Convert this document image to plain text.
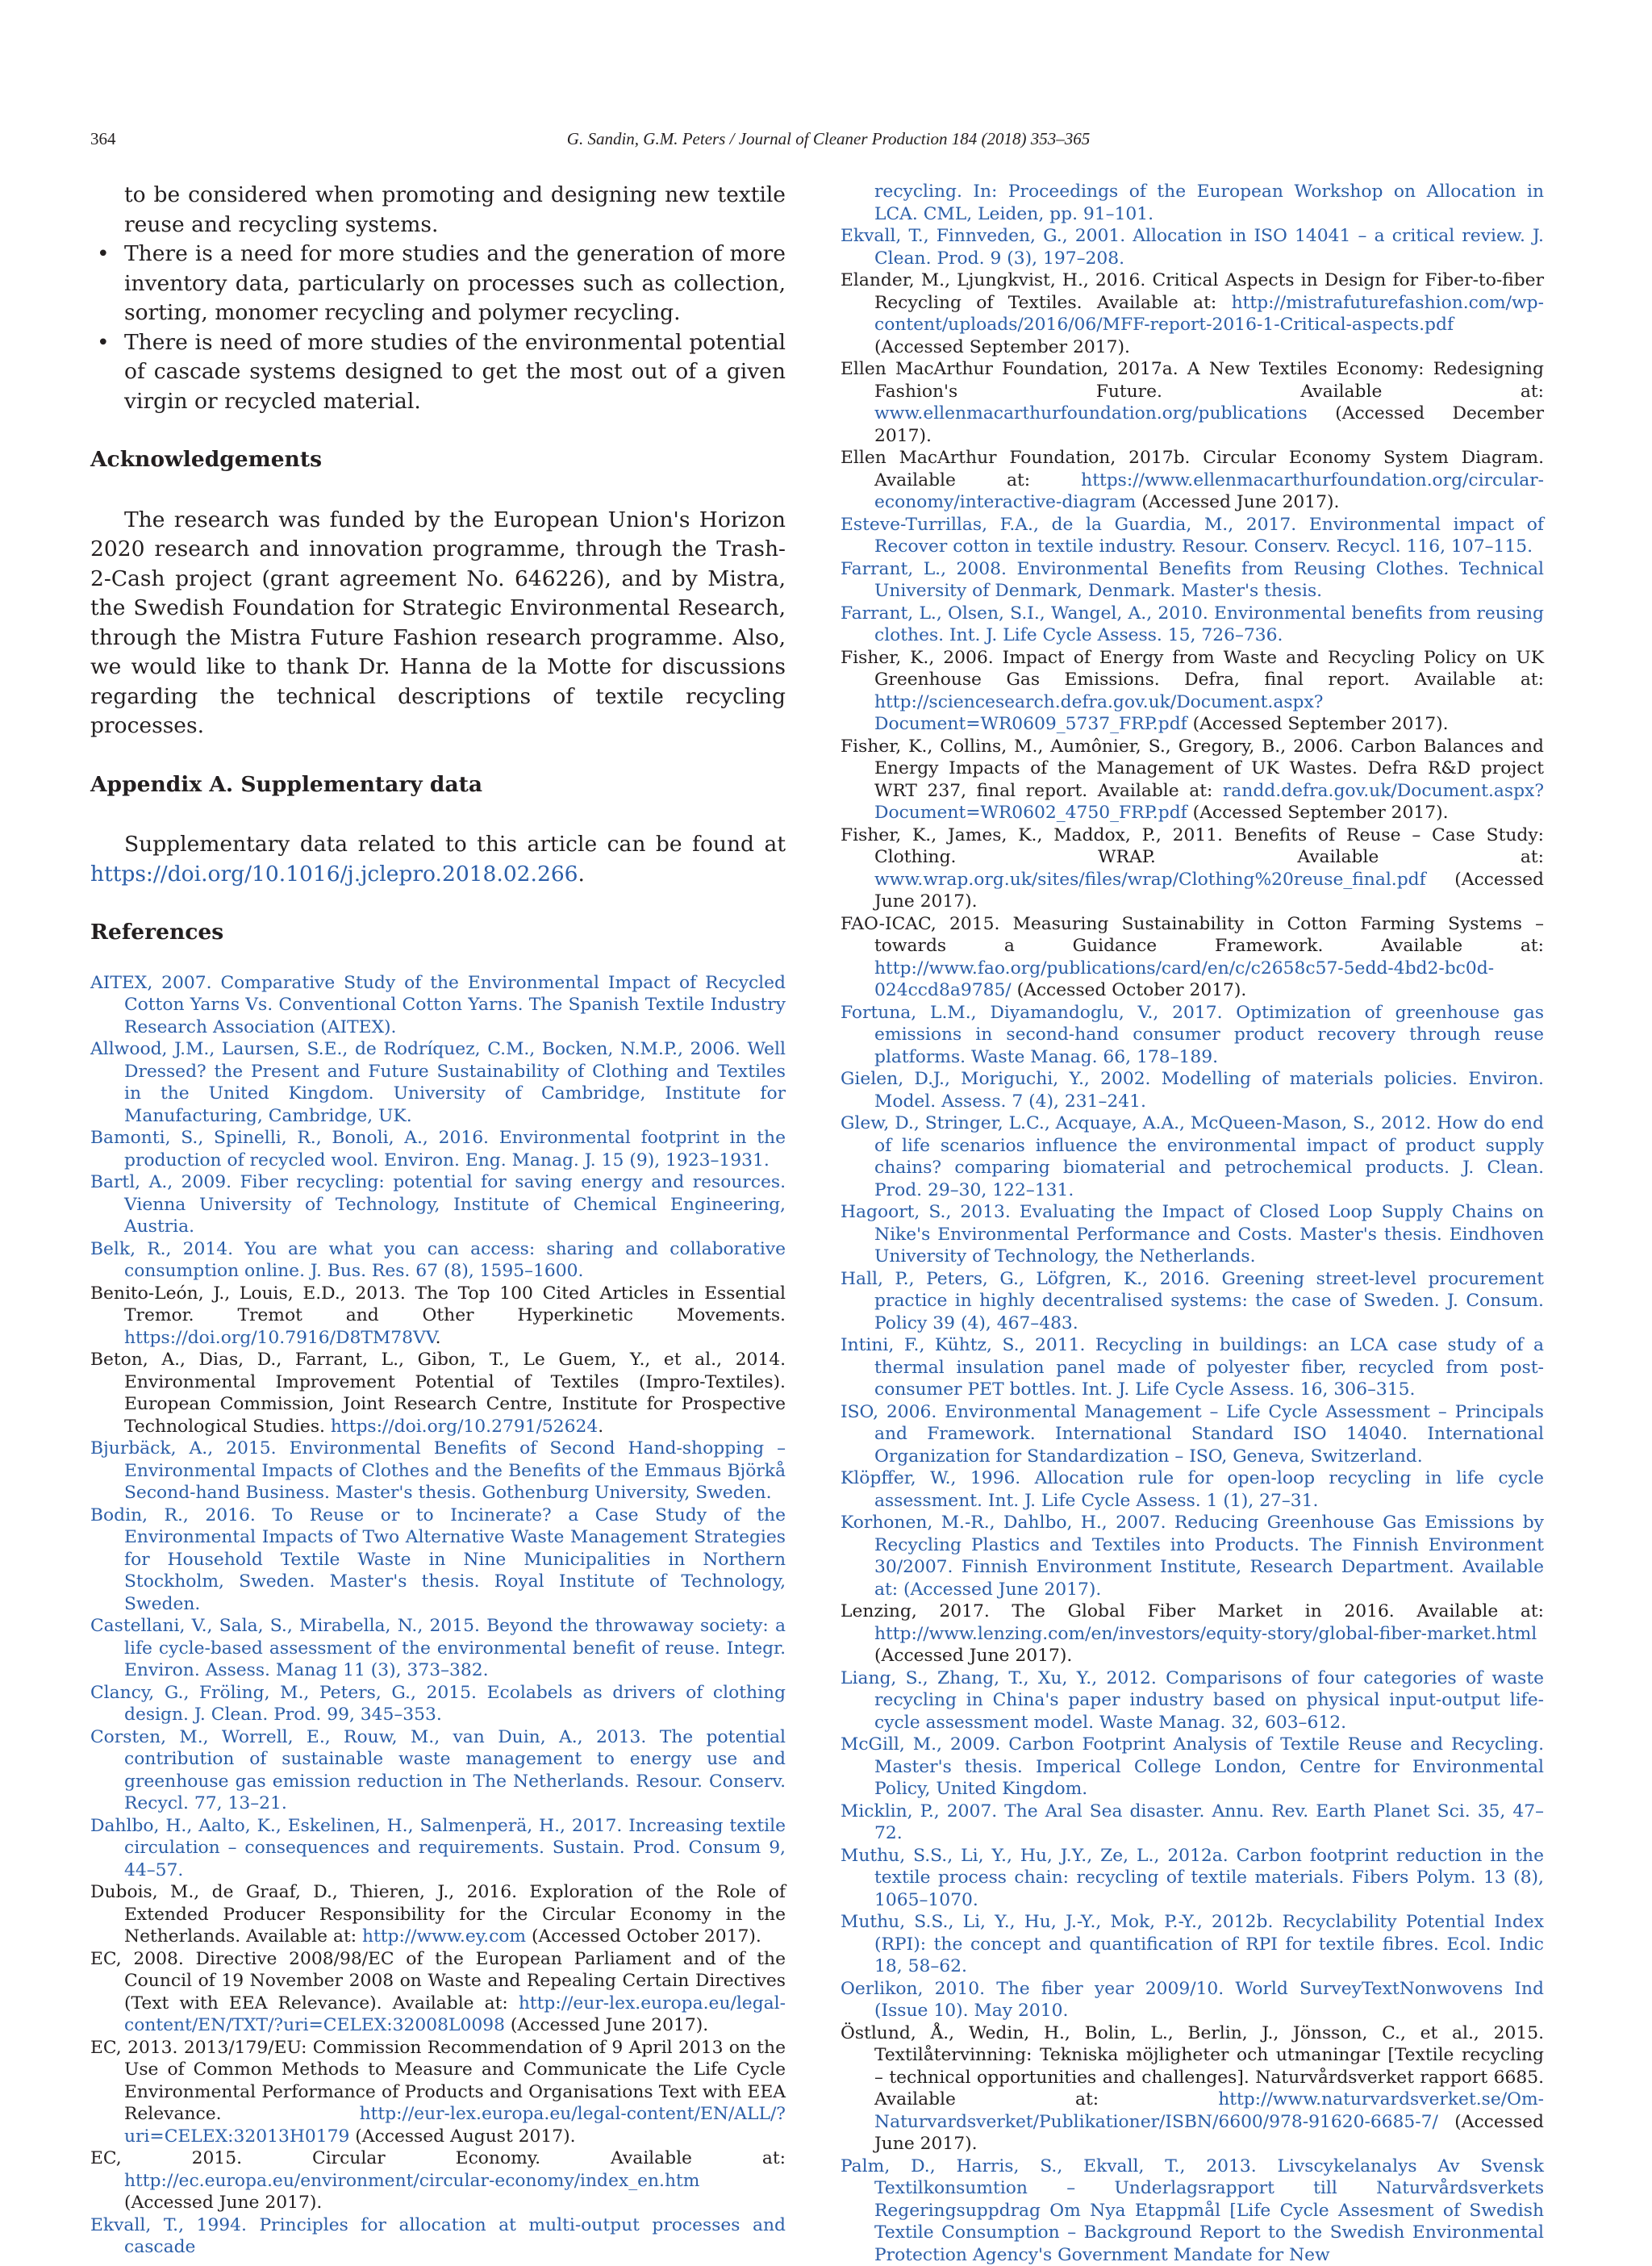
364	G. Sandin, G.M. Peters / Journal of Cleaner Production 184 (2018) 353–365

to be considered when promoting and designing new textile reuse and recycling systems.

• There is a need for more studies and the generation of more inventory data, particularly on processes such as collection, sorting, monomer recycling and polymer recycling.
• There is need of more studies of the environmental potential of cascade systems designed to get the most out of a given virgin or recycled material.
Acknowledgements

The research was funded by the European Union's Horizon 2020 research and innovation programme, through the Trash-2-Cash project (grant agreement No. 646226), and by Mistra, the Swedish Foundation for Strategic Environmental Research, through the Mistra Future Fashion research programme. Also, we would like to thank Dr. Hanna de la Motte for discussions regarding the technical descriptions of textile recycling processes.

Appendix A. Supplementary data

Supplementary data related to this article can be found at https://doi.org/10.1016/j.jclepro.2018.02.266.

References
AITEX, 2007. Comparative Study of the Environmental Impact of Recycled Cotton Yarns Vs. Conventional Cotton Yarns. The Spanish Textile Industry Research Association (AITEX).
Allwood, J.M., Laursen, S.E., de Rodríquez, C.M., Bocken, N.M.P., 2006. Well Dressed? the Present and Future Sustainability of Clothing and Textiles in the United Kingdom. University of Cambridge, Institute for Manufacturing, Cambridge, UK.
Bamonti, S., Spinelli, R., Bonoli, A., 2016. Environmental footprint in the production of recycled wool. Environ. Eng. Manag. J. 15 (9), 1923–1931.
Bartl, A., 2009. Fiber recycling: potential for saving energy and resources. Vienna University of Technology, Institute of Chemical Engineering, Austria.
Belk, R., 2014. You are what you can access: sharing and collaborative consumption online. J. Bus. Res. 67 (8), 1595–1600.
Benito-León, J., Louis, E.D., 2013. The Top 100 Cited Articles in Essential Tremor. Tremot and Other Hyperkinetic Movements. https://doi.org/10.7916/D8TM78VV.
Beton, A., Dias, D., Farrant, L., Gibon, T., Le Guem, Y., et al., 2014. Environmental Improvement Potential of Textiles (Impro-Textiles). European Commission, Joint Research Centre, Institute for Prospective Technological Studies. https://doi.org/10.2791/52624.
Bjurbäck, A., 2015. Environmental Benefits of Second Hand-shopping – Environmental Impacts of Clothes and the Benefits of the Emmaus Björkå Second-hand Business. Master's thesis. Gothenburg University, Sweden.
Bodin, R., 2016. To Reuse or to Incinerate? a Case Study of the Environmental Impacts of Two Alternative Waste Management Strategies for Household Textile Waste in Nine Municipalities in Northern Stockholm, Sweden. Master's thesis. Royal Institute of Technology, Sweden.
Castellani, V., Sala, S., Mirabella, N., 2015. Beyond the throwaway society: a life cycle-based assessment of the environmental benefit of reuse. Integr. Environ. Assess. Manag 11 (3), 373–382.
Clancy, G., Fröling, M., Peters, G., 2015. Ecolabels as drivers of clothing design. J. Clean. Prod. 99, 345–353.
Corsten, M., Worrell, E., Rouw, M., van Duin, A., 2013. The potential contribution of sustainable waste management to energy use and greenhouse gas emission reduction in The Netherlands. Resour. Conserv. Recycl. 77, 13–21.
Dahlbo, H., Aalto, K., Eskelinen, H., Salmenperä, H., 2017. Increasing textile circulation – consequences and requirements. Sustain. Prod. Consum 9, 44–57.
Dubois, M., de Graaf, D., Thieren, J., 2016. Exploration of the Role of Extended Producer Responsibility for the Circular Economy in the Netherlands. Available at: http://www.ey.com (Accessed October 2017).
EC, 2008. Directive 2008/98/EC of the European Parliament and of the Council of 19 November 2008 on Waste and Repealing Certain Directives (Text with EEA Relevance). Available at: http://eur-lex.europa.eu/legal-content/EN/TXT/?uri=CELEX:32008L0098 (Accessed June 2017).
EC, 2013. 2013/179/EU: Commission Recommendation of 9 April 2013 on the Use of Common Methods to Measure and Communicate the Life Cycle Environmental Performance of Products and Organisations Text with EEA Relevance.	http://eur-lex.europa.eu/legal-content/EN/ALL/?uri=CELEX:32013H0179 (Accessed August 2017).
EC, 2015. Circular Economy. Available at: http://ec.europa.eu/environment/circular-economy/index_en.htm (Accessed June 2017).
Ekvall, T., 1994. Principles for allocation at multi-output processes and cascade
recycling. In: Proceedings of the European Workshop on Allocation in LCA. CML, Leiden, pp. 91–101.
Ekvall, T., Finnveden, G., 2001. Allocation in ISO 14041 – a critical review. J. Clean. Prod. 9 (3), 197–208.
Elander, M., Ljungkvist, H., 2016. Critical Aspects in Design for Fiber-to-fiber Recycling of Textiles. Available at: http://mistrafuturefashion.com/wp-content/uploads/2016/06/MFF-report-2016-1-Critical-aspects.pdf (Accessed September 2017).
Ellen MacArthur Foundation, 2017a. A New Textiles Economy: Redesigning Fashion's Future. Available at: www.ellenmacarthurfoundation.org/publications (Accessed December 2017).
Ellen MacArthur Foundation, 2017b. Circular Economy System Diagram. Available at:	https://www.ellenmacarthurfoundation.org/circular-economy/interactive-diagram (Accessed June 2017).
Esteve-Turrillas, F.A., de la Guardia, M., 2017. Environmental impact of Recover cotton in textile industry. Resour. Conserv. Recycl. 116, 107–115.
Farrant, L., 2008. Environmental Benefits from Reusing Clothes. Technical University of Denmark, Denmark. Master's thesis.
Farrant, L., Olsen, S.I., Wangel, A., 2010. Environmental benefits from reusing clothes. Int. J. Life Cycle Assess. 15, 726–736.
Fisher, K., 2006. Impact of Energy from Waste and Recycling Policy on UK Greenhouse Gas Emissions. Defra, final report. Available at: http://sciencesearch.defra.gov.uk/Document.aspx?Document=WR0609_5737_FRP.pdf (Accessed September 2017).
Fisher, K., Collins, M., Aumônier, S., Gregory, B., 2006. Carbon Balances and Energy Impacts of the Management of UK Wastes. Defra R&D project WRT 237, final report. Available at: randd.defra.gov.uk/Document.aspx?Document=WR0602_4750_FRP.pdf (Accessed September 2017).
Fisher, K., James, K., Maddox, P., 2011. Benefits of Reuse – Case Study: Clothing. WRAP. Available at: www.wrap.org.uk/sites/files/wrap/Clothing%20reuse_final.pdf (Accessed June 2017).
FAO-ICAC, 2015. Measuring Sustainability in Cotton Farming Systems – towards a Guidance Framework. Available at: http://www.fao.org/publications/card/en/c/c2658c57-5edd-4bd2-bc0d-024ccd8a9785/ (Accessed October 2017).
Fortuna, L.M., Diyamandoglu, V., 2017. Optimization of greenhouse gas emissions in second-hand consumer product recovery through reuse platforms. Waste Manag. 66, 178–189.
Gielen, D.J., Moriguchi, Y., 2002. Modelling of materials policies. Environ. Model. Assess. 7 (4), 231–241.
Glew, D., Stringer, L.C., Acquaye, A.A., McQueen-Mason, S., 2012. How do end of life scenarios influence the environmental impact of product supply chains? comparing biomaterial and petrochemical products. J. Clean. Prod. 29–30, 122–131.
Hagoort, S., 2013. Evaluating the Impact of Closed Loop Supply Chains on Nike's Environmental Performance and Costs. Master's thesis. Eindhoven University of Technology, the Netherlands.
Hall, P., Peters, G., Löfgren, K., 2016. Greening street-level procurement practice in highly decentralised systems: the case of Sweden. J. Consum. Policy 39 (4), 467–483.
Intini, F., Kühtz, S., 2011. Recycling in buildings: an LCA case study of a thermal insulation panel made of polyester fiber, recycled from post-consumer PET bottles. Int. J. Life Cycle Assess. 16, 306–315.
ISO, 2006. Environmental Management – Life Cycle Assessment – Principals and Framework. International Standard ISO 14040. International Organization for Standardization – ISO, Geneva, Switzerland.
Klöpffer, W., 1996. Allocation rule for open-loop recycling in life cycle assessment. Int. J. Life Cycle Assess. 1 (1), 27–31.
Korhonen, M.-R., Dahlbo, H., 2007. Reducing Greenhouse Gas Emissions by Recycling Plastics and Textiles into Products. The Finnish Environment 30/2007. Finnish Environment Institute, Research Department. Available at: (Accessed June 2017).
Lenzing, 2017. The Global Fiber Market in 2016. Available at: http://www.lenzing.com/en/investors/equity-story/global-fiber-market.html (Accessed June 2017).
Liang, S., Zhang, T., Xu, Y., 2012. Comparisons of four categories of waste recycling in China's paper industry based on physical input-output life-cycle assessment model. Waste Manag. 32, 603–612.
McGill, M., 2009. Carbon Footprint Analysis of Textile Reuse and Recycling. Master's thesis. Imperical College London, Centre for Environmental Policy, United Kingdom.
Micklin, P., 2007. The Aral Sea disaster. Annu. Rev. Earth Planet Sci. 35, 47–72.
Muthu, S.S., Li, Y., Hu, J.Y., Ze, L., 2012a. Carbon footprint reduction in the textile process chain: recycling of textile materials. Fibers Polym. 13 (8), 1065–1070.
Muthu, S.S., Li, Y., Hu, J.-Y., Mok, P.-Y., 2012b. Recyclability Potential Index (RPI): the concept and quantification of RPI for textile fibres. Ecol. Indic 18, 58–62.
Oerlikon, 2010. The fiber year 2009/10. World SurveyTextNonwovens Ind (Issue 10). May 2010.
Östlund, Å., Wedin, H., Bolin, L., Berlin, J., Jönsson, C., et al., 2015. Textilåtervinning: Tekniska möjligheter och utmaningar [Textile recycling – technical opportunities and challenges]. Naturvårdsverket rapport 6685. Available at:	http://www.naturvardsverket.se/Om-Naturvardsverket/Publikationer/ISBN/6600/978-91620-6685-7/ (Accessed June 2017).
Palm, D., Harris, S., Ekvall, T., 2013. Livscykelanalys Av Svensk Textilkonsumtion – Underlagsrapport till Naturvårdsverkets Regeringsuppdrag Om Nya Etappmål [Life Cycle Assesment of Swedish Textile Consumption – Background Report to the Swedish Environmental Protection Agency's Government Mandate for New
